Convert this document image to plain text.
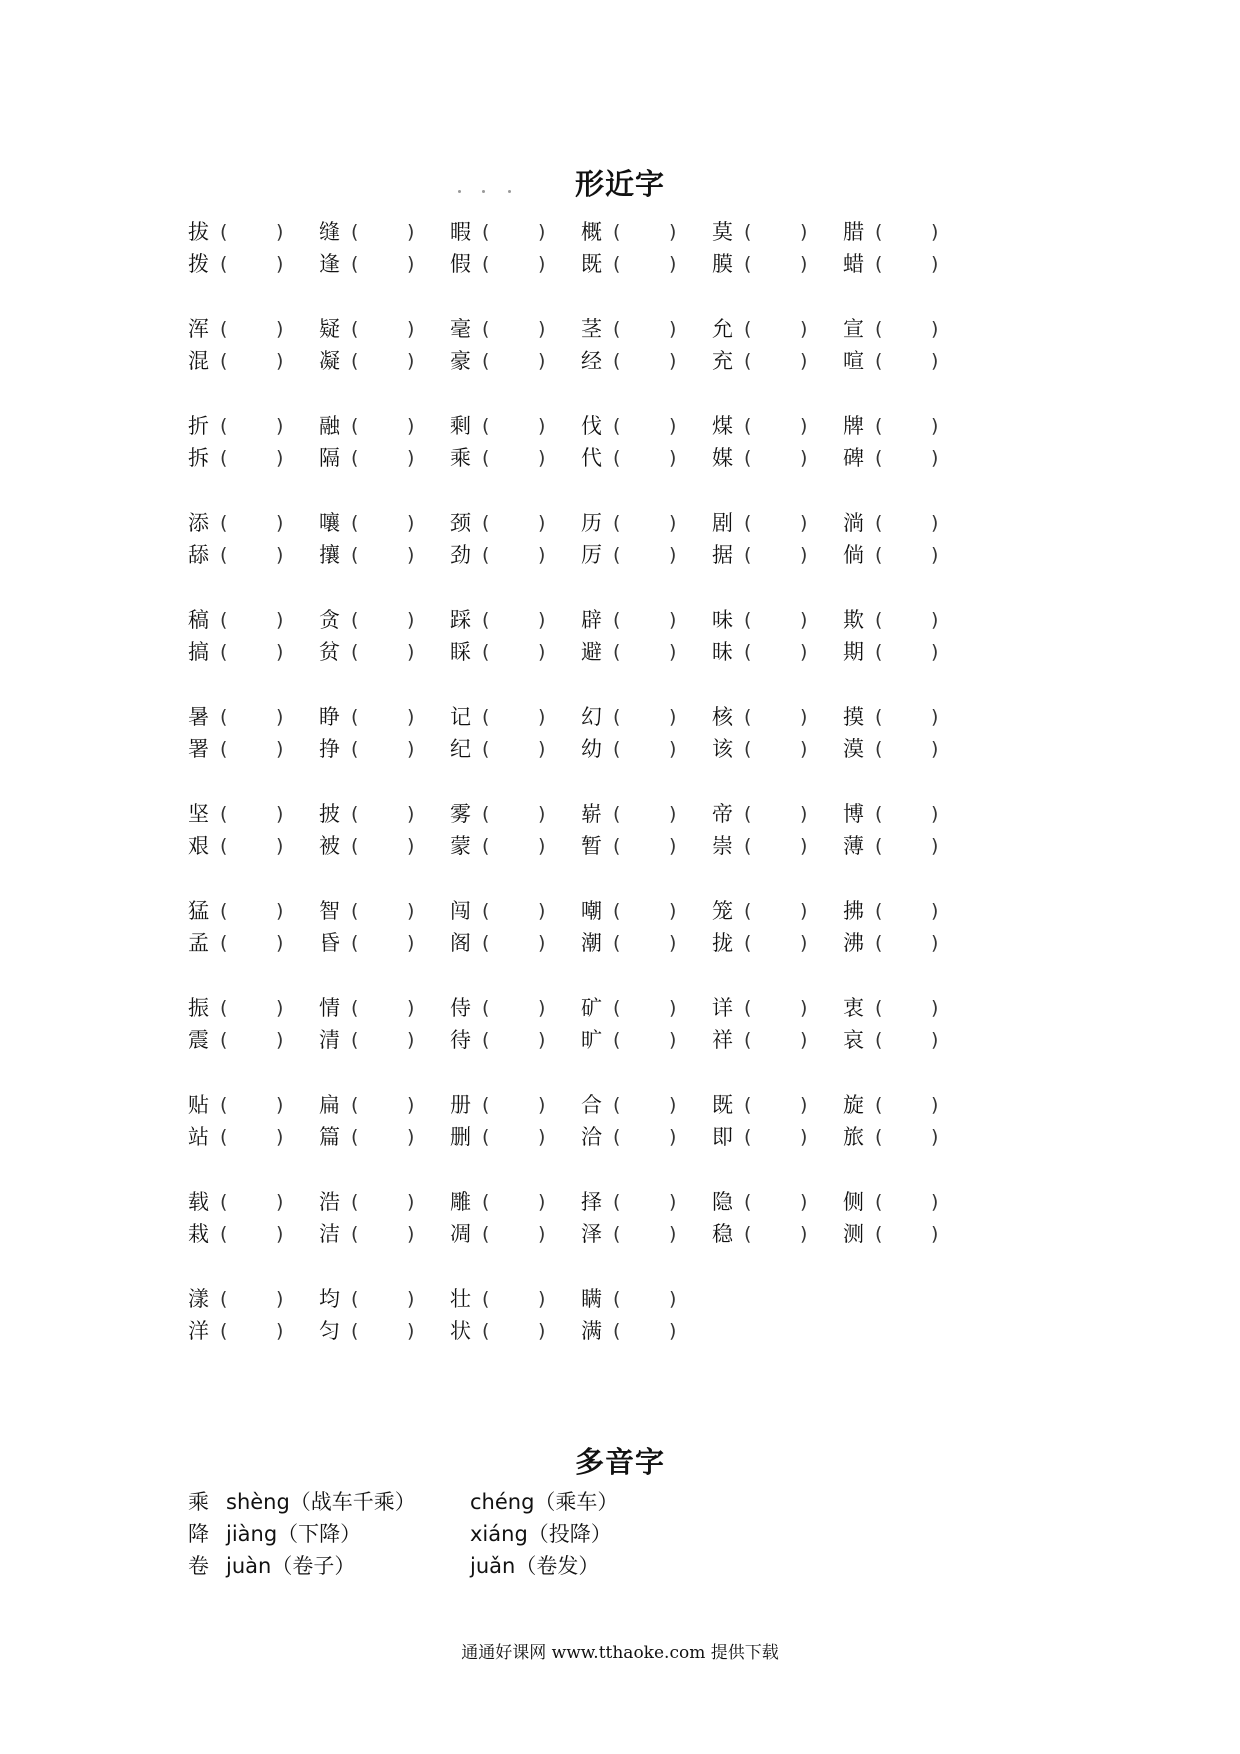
形近字
拔 (	) 缝 (	) 暇 (	) 概 (	) 莫 (	) 腊 (	)
拨 (	) 逢 (	) 假 (	) 既 (	) 膜 (	) 蜡 (	)
浑 (	) 疑 (	) 毫 (	) 茎 (	) 允 (	) 宣 (	)
混 (	) 凝 (	) 豪 (	) 经 (	) 充 (	) 喧 (	)
折 (	) 融 (	) 剩 (	) 伐 (	) 煤 (	) 牌 (	)
拆 (	) 隔 (	) 乘 (	) 代 (	) 媒 (	) 碑 (	)
添 (	) 嚷 (	) 颈 (	) 历 (	) 剧 (	) 淌 (	)
舔 (	) 攘 (	) 劲 (	) 厉 (	) 据 (	) 倘 (	)
稿 (	) 贪 (	) 踩 (	) 辟 (	) 味 (	) 欺 (	)
搞 (	) 贫 (	) 睬 (	) 避 (	) 昧 (	) 期 (	)
暑 (	) 睁 (	) 记 (	) 幻 (	) 核 (	) 摸 (	)
署 (	) 挣 (	) 纪 (	) 幼 (	) 该 (	) 漠 (	)
坚 (	) 披 (	) 雾 (	) 崭 (	) 帝 (	) 博 (	)
艰 (	) 被 (	) 蒙 (	) 暂 (	) 崇 (	) 薄 (	)
猛 (	) 智 (	) 闯 (	) 嘲 (	) 笼 (	) 拂 (	)
孟 (	) 昏 (	) 阁 (	) 潮 (	) 拢 (	) 沸 (	)
振 (	) 情 (	) 侍 (	) 矿 (	) 详 (	) 衷 (	)
震 (	) 清 (	) 待 (	) 旷 (	) 祥 (	) 哀 (	)
贴 (	) 扁 (	) 册 (	) 合 (	) 既 (	) 旋 (	)
站 (	) 篇 (	) 删 (	) 洽 (	) 即 (	) 旅 (	)
载 (	) 浩 (	) 雕 (	) 择 (	) 隐 (	) 侧 (	)
栽 (	) 洁 (	) 凋 (	) 泽 (	) 稳 (	) 测 (	)
漾 (	) 均 (	) 壮 (	) 瞒 (	)
洋 (	) 匀 (	) 状 (	) 满 (	)
多音字
乘 shèng（战车千乘）	chéng（乘车）
降 jiàng（下降）	xiáng（投降）
卷 juàn（卷子）	juǎn（卷发）
通通好课网 www.tthaoke.com 提供下载
